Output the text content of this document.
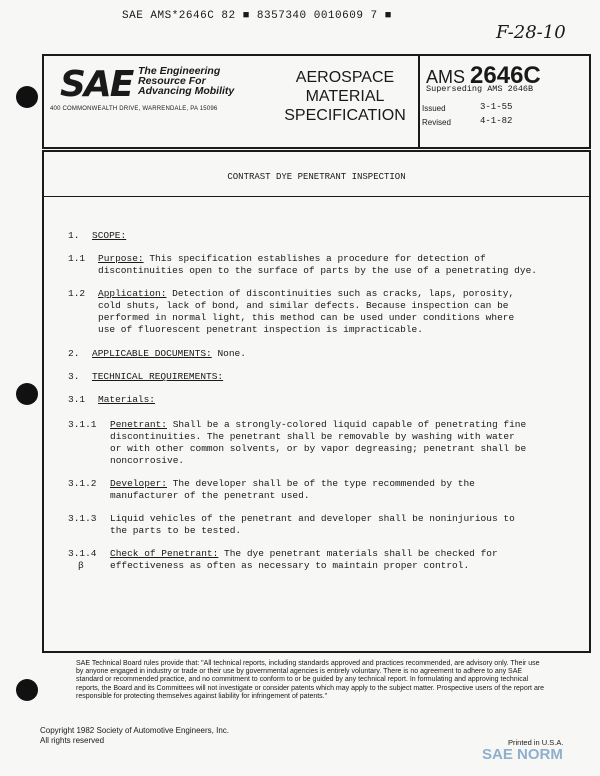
SAE AMS*2646C 82 ■ 8357340 0010609 7 ■
F-28-10
SAE The Engineering
Resource For
Advancing Mobility
400 COMMONWEALTH DRIVE, WARRENDALE, PA 15096
AEROSPACE
MATERIAL
SPECIFICATION
AMS 2646C
Superseding AMS 2646B
Issued	3-1-55
Revised	4-1-82
CONTRAST DYE PENETRANT INSPECTION
1. SCOPE:
1.1 Purpose: This specification establishes a procedure for detection of
discontinuities open to the surface of parts by the use of a penetrating dye.
1.2 Application: Detection of discontinuities such as cracks, laps, porosity,
cold shuts, lack of bond, and similar defects. Because inspection can be
performed in normal light, this method can be used under conditions where
use of fluorescent penetrant inspection is impracticable.
2. APPLICABLE DOCUMENTS: None.
3. TECHNICAL REQUIREMENTS:
3.1 Materials:
3.1.1 Penetrant: Shall be a strongly-colored liquid capable of penetrating fine
discontinuities. The penetrant shall be removable by washing with water
or with other common solvents, or by vapor degreasing; penetrant shall be
noncorrosive.
3.1.2 Developer: The developer shall be of the type recommended by the
manufacturer of the penetrant used.
3.1.3 Liquid vehicles of the penetrant and developer shall be noninjurious to
the parts to be tested.
3.1.4
β
Check of Penetrant: The dye penetrant materials shall be checked for
effectiveness as often as necessary to maintain proper control.
SAE Technical Board rules provide that: "All technical reports, including standards approved and practices recommended, are advisory only. Their use by anyone engaged in industry or trade or their use by governmental agencies is entirely voluntary. There is no agreement to adhere to any SAE standard or recommended practice, and no commitment to conform to or be guided by any technical report. In formulating and approving technical reports, the Board and its Committees will not investigate or consider patents which may apply to the subject matter. Prospective users of the report are responsible for protecting themselves against liability for infringement of patents."
Copyright 1982 Society of Automotive Engineers, Inc.
All rights reserved	Printed in U.S.A.
SAE NORM
